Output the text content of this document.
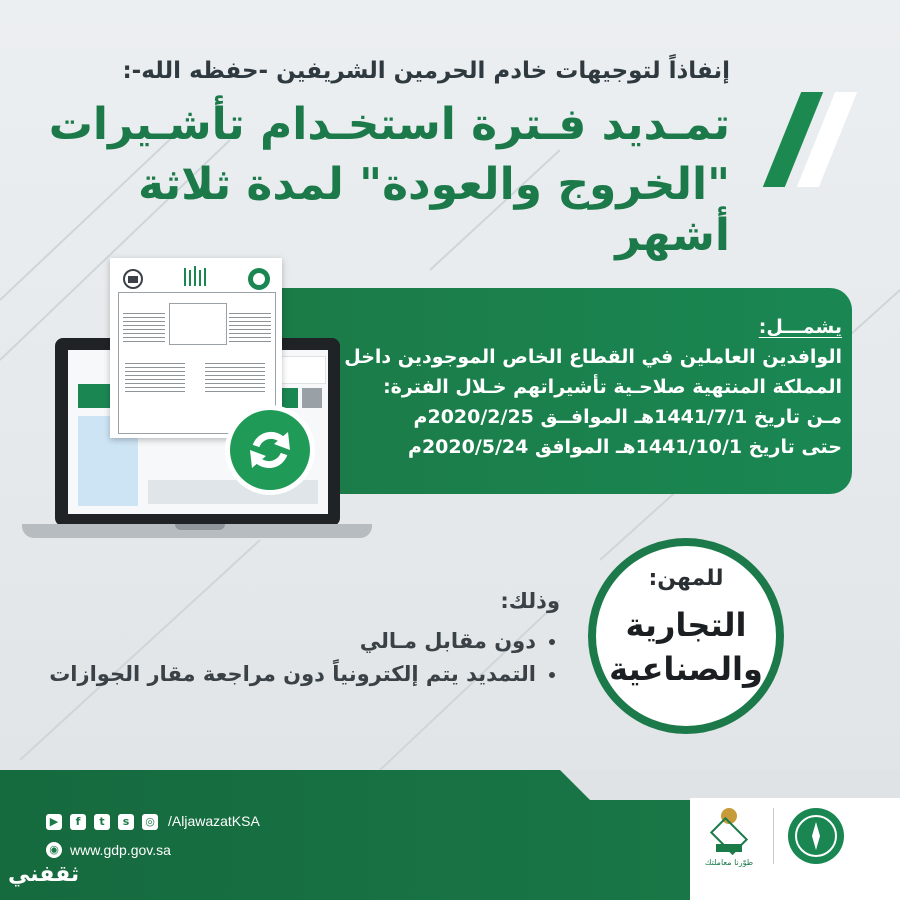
إنفاذاً لتوجيهات خادم الحرمين الشريفين -حفظه الله-:
تمـديد فـترة استخـدام تأشـيرات
"الخروج والعودة" لمدة ثلاثة أشهر
يشمـــل:
الوافدين العاملين في القطاع الخاص الموجودين داخل
المملكة المنتهية صلاحـية تأشيراتهم خـلال الفترة:
مـن تاريخ 1441/7/1هـ الموافــق 2020/2/25م
حتى تاريخ 1441/10/1هـ الموافق 2020/5/24م
للمهن:
التجارية
والصناعية
وذلك:
• دون مقابل مـالي
• التمديد يتم إلكترونياً دون مراجعة مقار الجوازات
▶	f	t	s	◎ /AljawazatKSA
◉ www.gdp.gov.sa
ثقفني	طوّرنا معاملتك
